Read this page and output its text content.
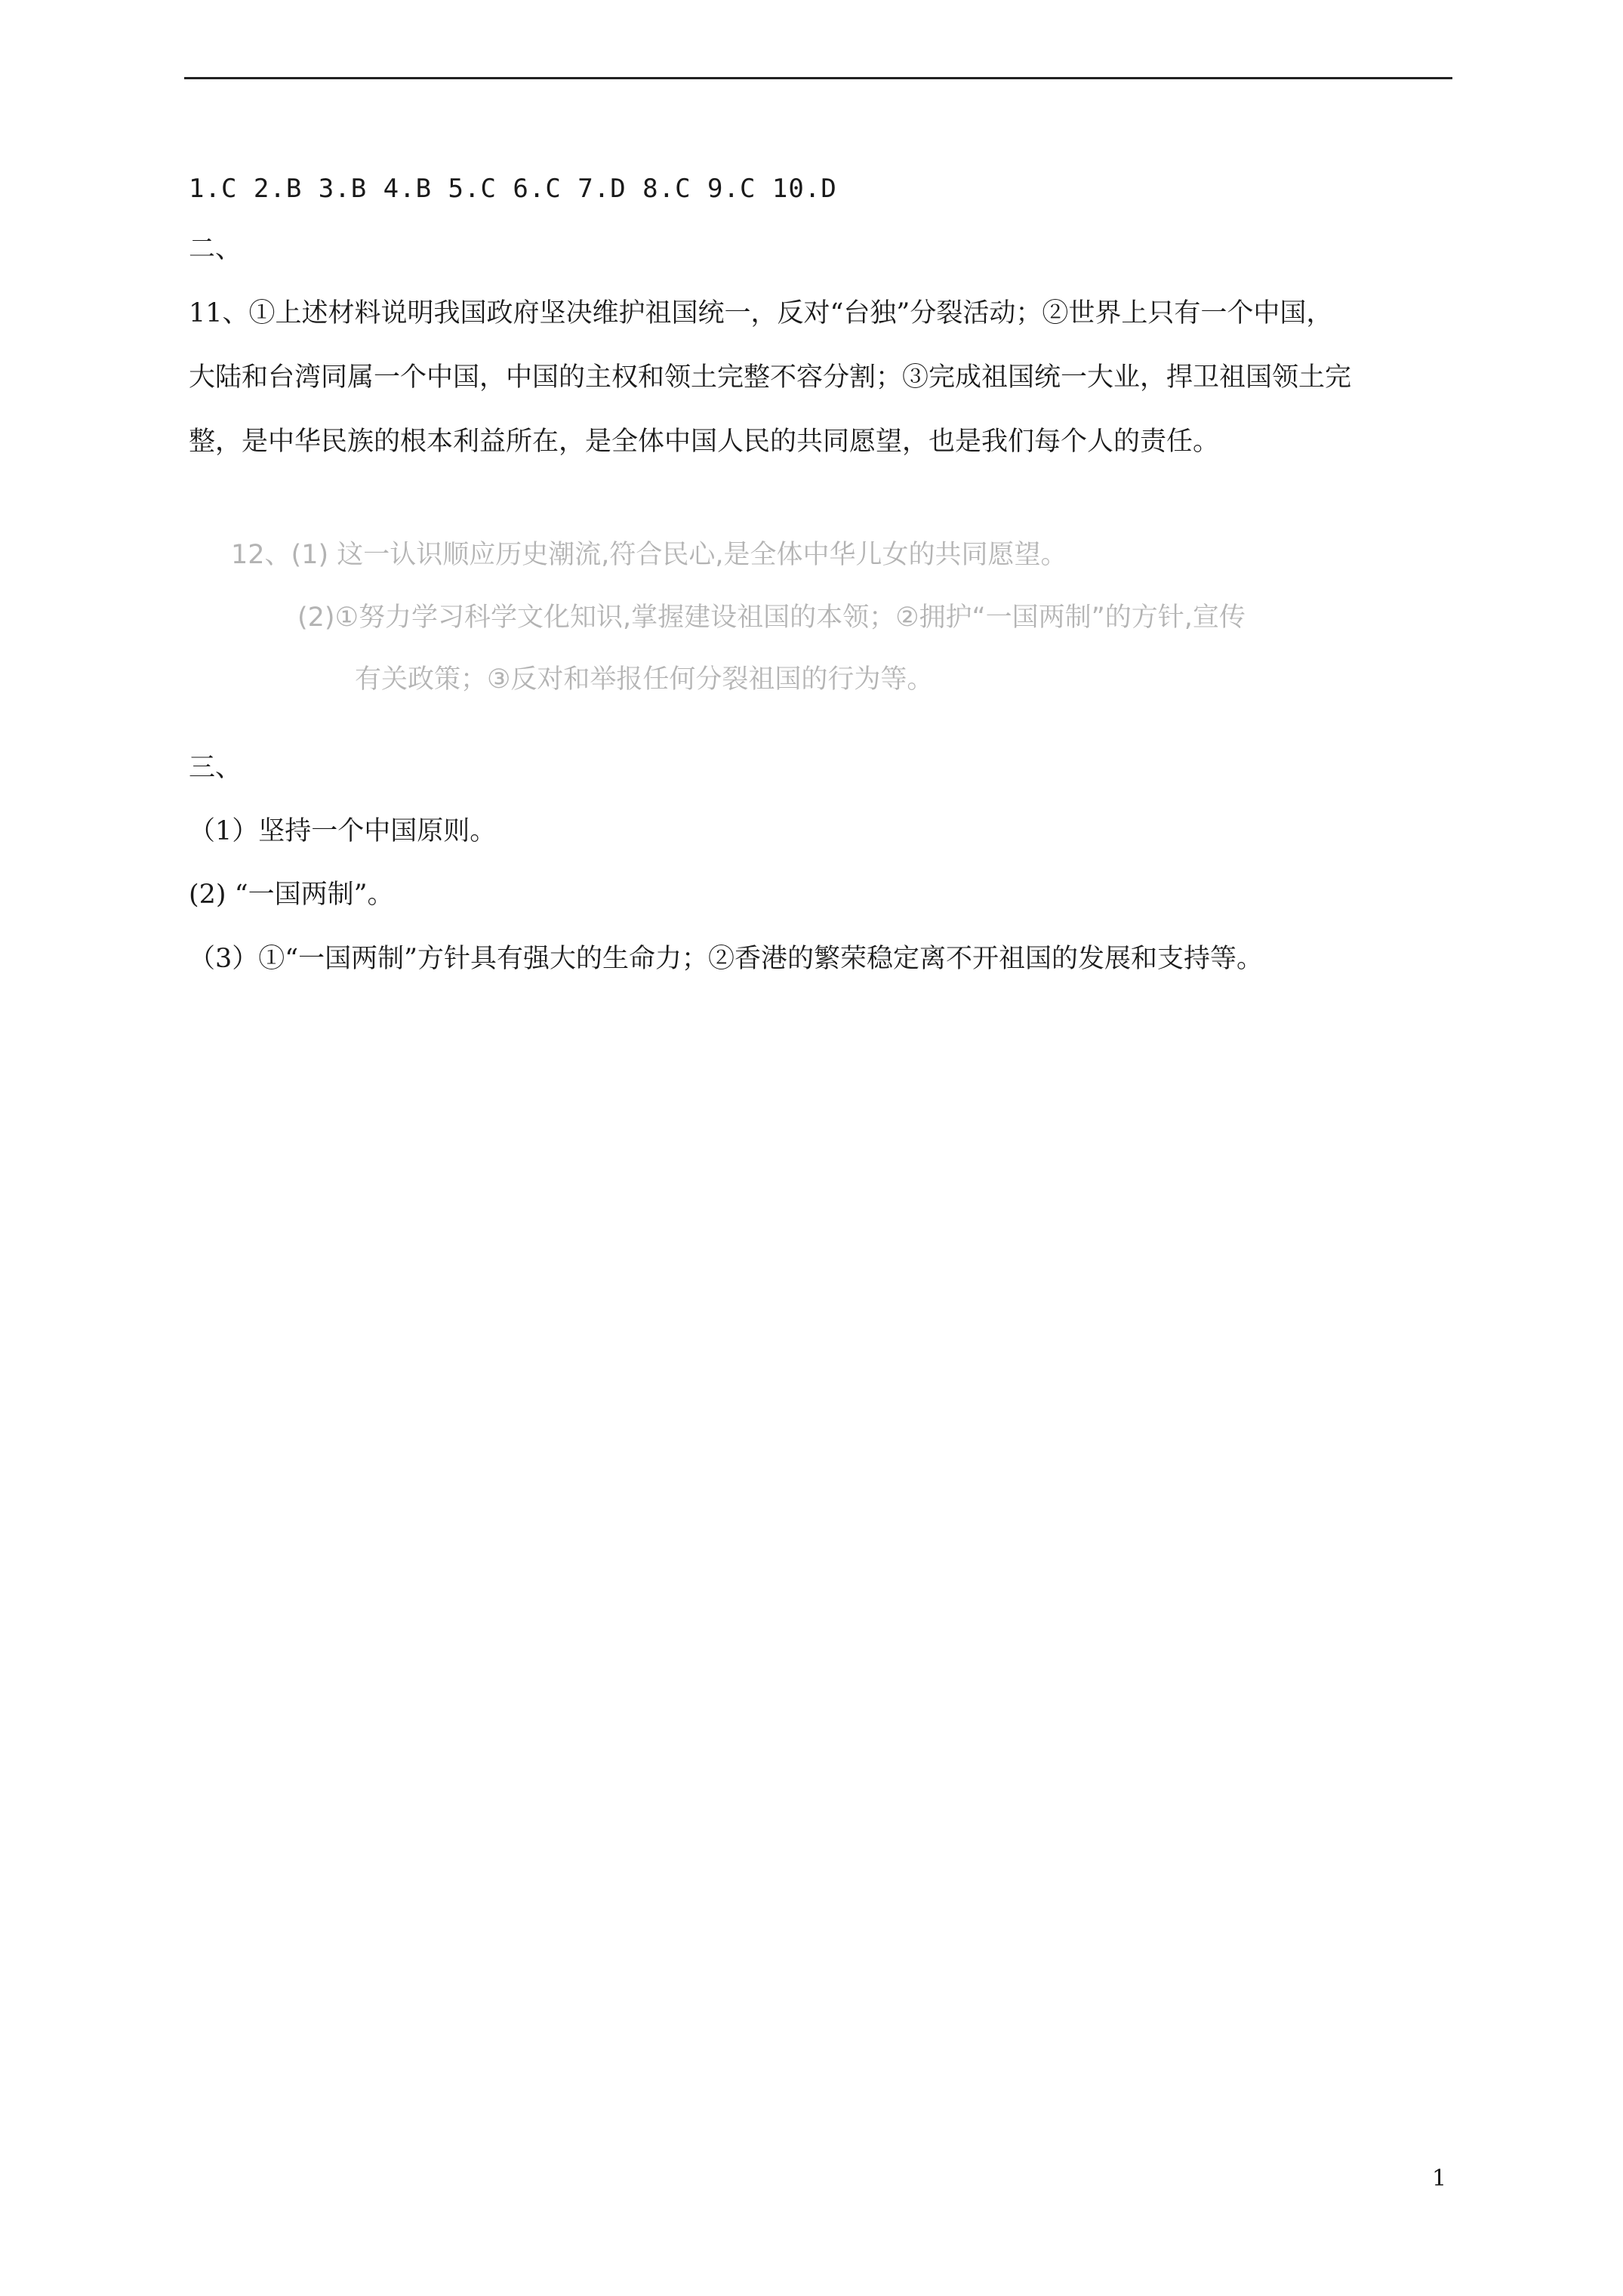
1.C 2.B 3.B 4.B 5.C 6.C 7.D 8.C 9.C 10.D
二、
11、①上述材料说明我国政府坚决维护祖国统一，反对“台独”分裂活动；②世界上只有一个中国，
大陆和台湾同属一个中国，中国的主权和领土完整不容分割；③完成祖国统一大业，捍卫祖国领土完
整，是中华民族的根本利益所在，是全体中国人民的共同愿望，也是我们每个人的责任。
12、(1) 这一认识顺应历史潮流,符合民心,是全体中华儿女的共同愿望。
(2)①努力学习科学文化知识,掌握建设祖国的本领；②拥护“一国两制”的方针,宣传
有关政策；③反对和举报任何分裂祖国的行为等。
三、
（1）坚持一个中国原则。
(2) “一国两制”。
（3）①“一国两制”方针具有强大的生命力；②香港的繁荣稳定离不开祖国的发展和支持等。
1
